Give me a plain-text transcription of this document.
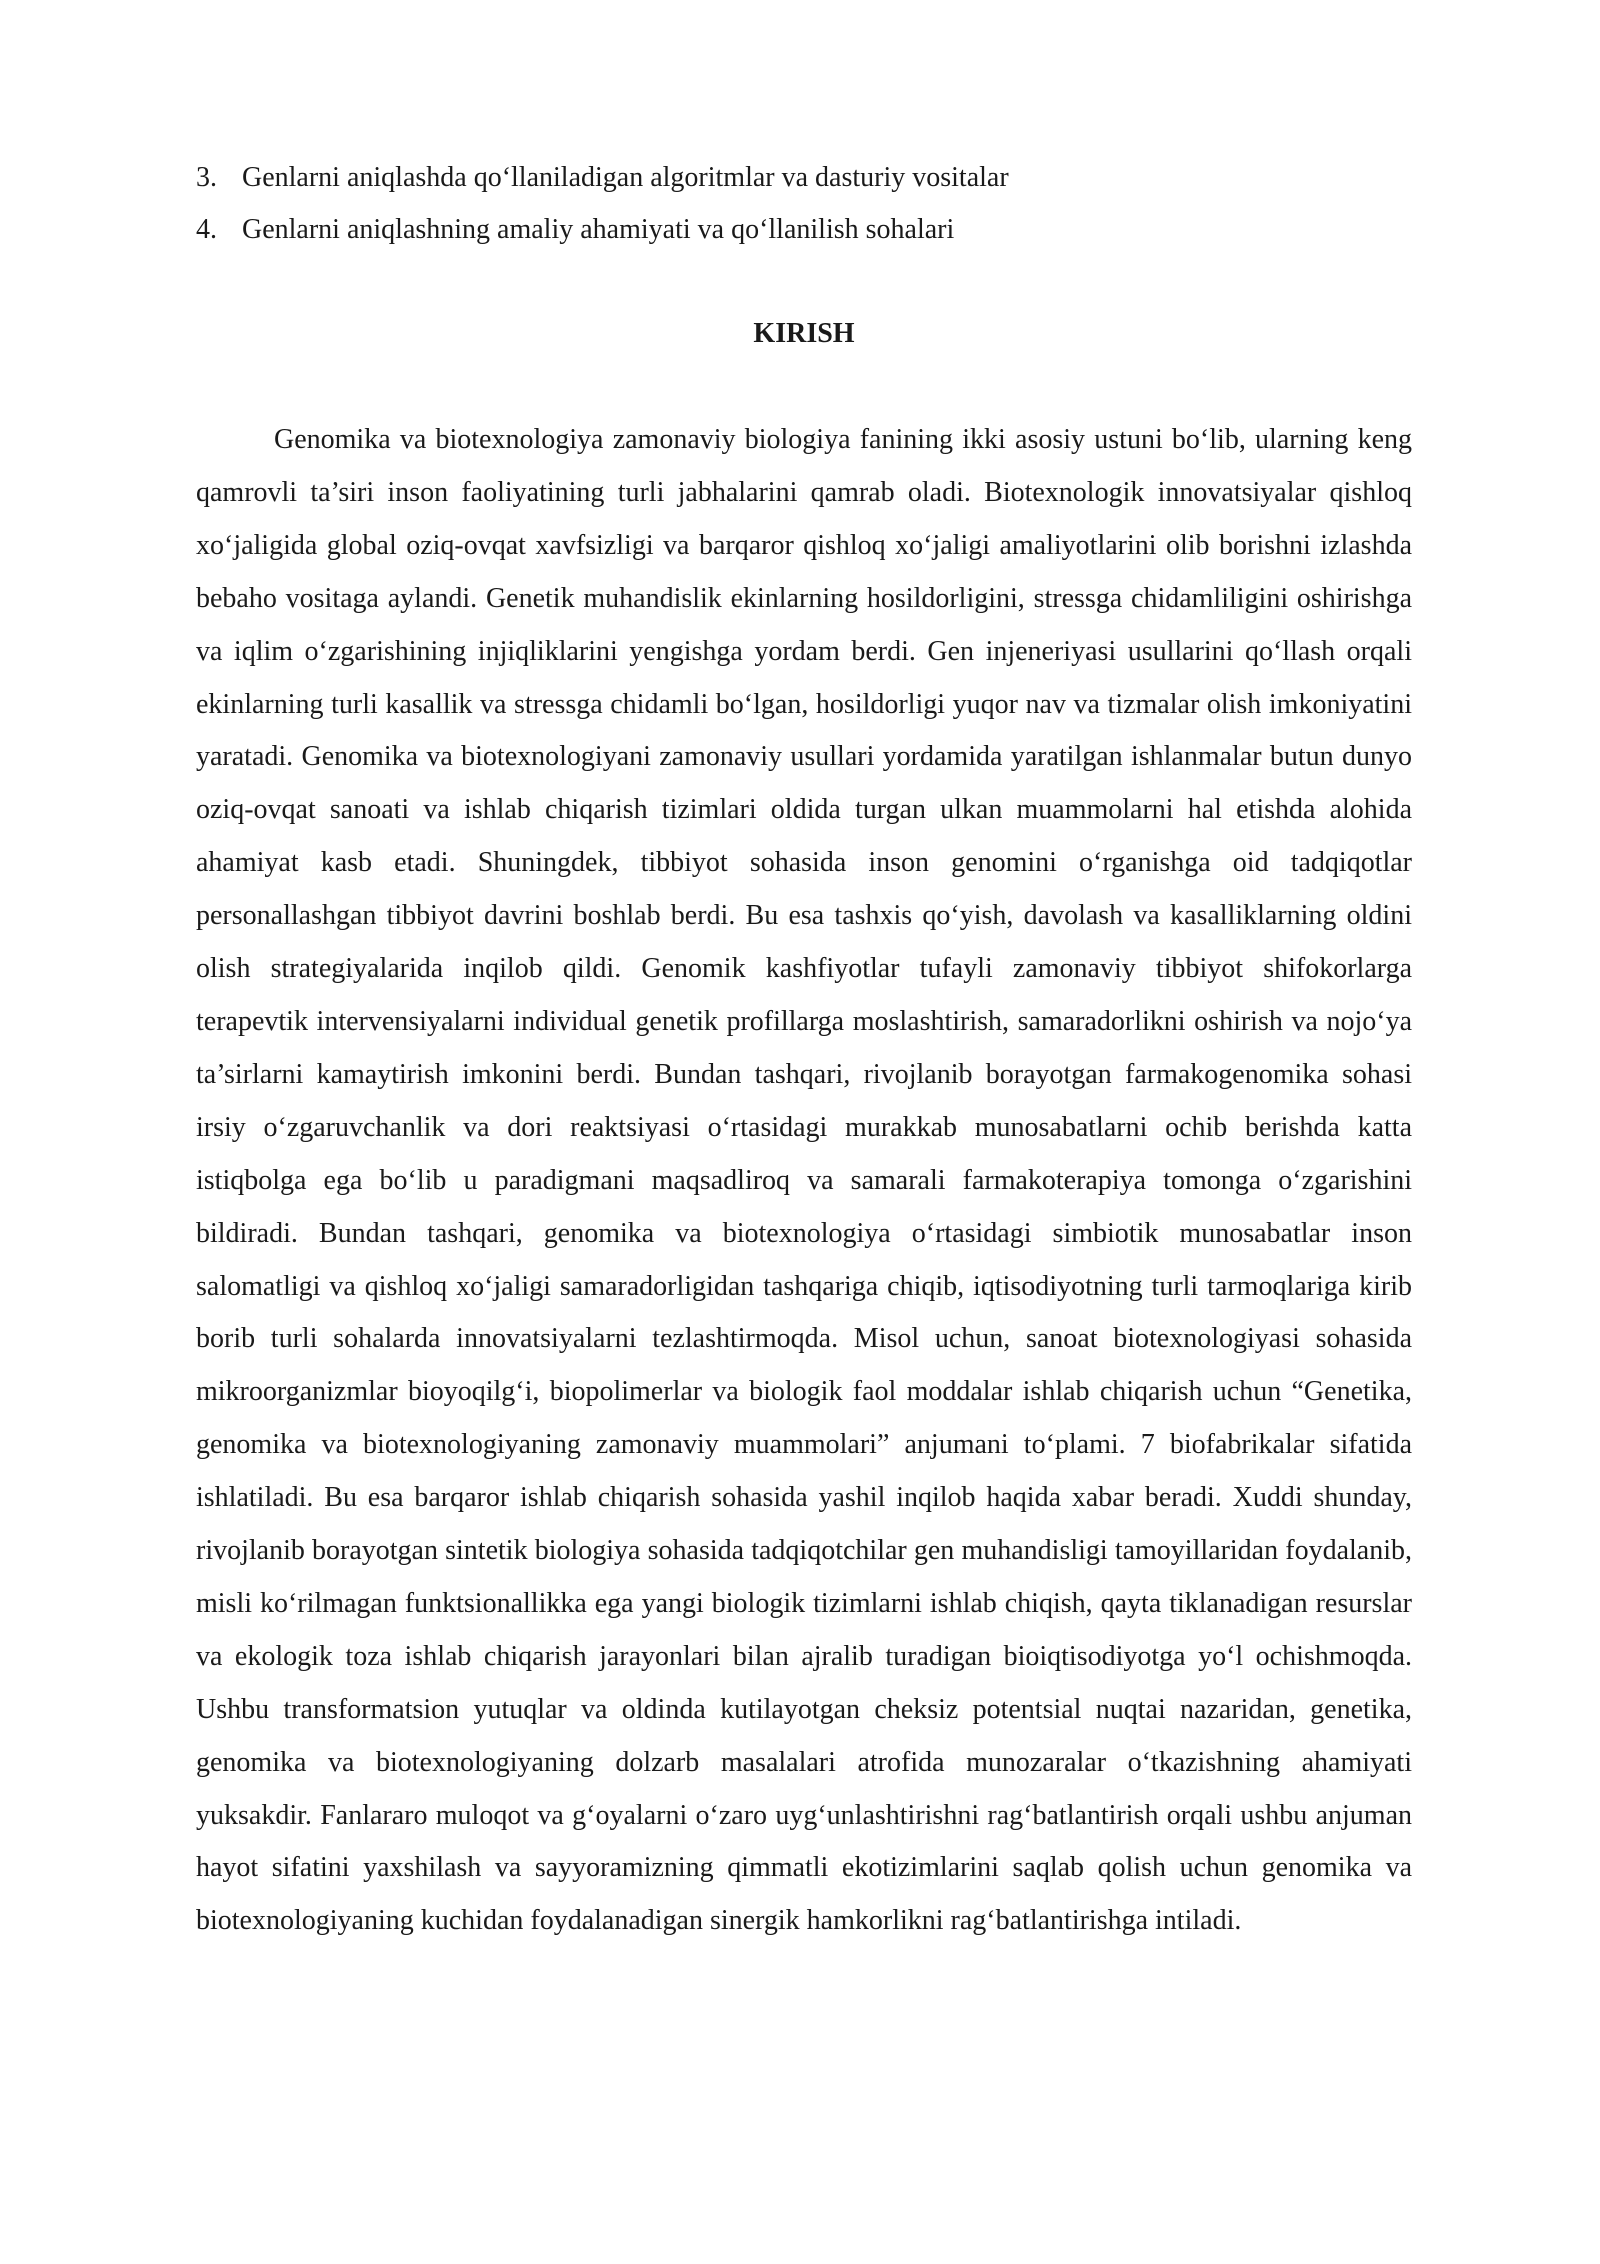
3. Genlarni aniqlashda qo‘llaniladigan algoritmlar va dasturiy vositalar
4. Genlarni aniqlashning amaliy ahamiyati va qo‘llanilish sohalari
KIRISH

Genomika va biotexnologiya zamonaviy biologiya fanining ikki asosiy ustuni bo‘lib, ularning keng qamrovli ta’siri inson faoliyatining turli jabhalarini qamrab oladi. Biotexnologik innovatsiyalar qishloq xo‘jaligida global oziq-ovqat xavfsizligi va barqaror qishloq xo‘jaligi amaliyotlarini olib borishni izlashda bebaho vositaga aylandi. Genetik muhandislik ekinlarning hosildorligini, stressga chidamliligini oshirishga va iqlim o‘zgarishining injiqliklarini yengishga yordam berdi. Gen injeneriyasi usullarini qo‘llash orqali ekinlarning turli kasallik va stressga chidamli bo‘lgan, hosildorligi yuqor nav va tizmalar olish imkoniyatini yaratadi. Genomika va biotexnologiyani zamonaviy usullari yordamida yaratilgan ishlanmalar butun dunyo oziq-ovqat sanoati va ishlab chiqarish tizimlari oldida turgan ulkan muammolarni hal etishda alohida ahamiyat kasb etadi. Shuningdek, tibbiyot sohasida inson genomini o‘rganishga oid tadqiqotlar personallashgan tibbiyot davrini boshlab berdi. Bu esa tashxis qo‘yish, davolash va kasalliklarning oldini olish strategiyalarida inqilob qildi. Genomik kashfiyotlar tufayli zamonaviy tibbiyot shifokorlarga terapevtik intervensiyalarni individual genetik profillarga moslashtirish, samaradorlikni oshirish va nojo‘ya ta’sirlarni kamaytirish imkonini berdi. Bundan tashqari, rivojlanib borayotgan farmakogenomika sohasi irsiy o‘zgaruvchanlik va dori reaktsiyasi o‘rtasidagi murakkab munosabatlarni ochib berishda katta istiqbolga ega bo‘lib u paradigmani maqsadliroq va samarali farmakoterapiya tomonga o‘zgarishini bildiradi. Bundan tashqari, genomika va biotexnologiya o‘rtasidagi simbiotik munosabatlar inson salomatligi va qishloq xo‘jaligi samaradorligidan tashqariga chiqib, iqtisodiyotning turli tarmoqlariga kirib borib turli sohalarda innovatsiyalarni tezlashtirmoqda. Misol uchun, sanoat biotexnologiyasi sohasida mikroorganizmlar bioyoqilg‘i, biopolimerlar va biologik faol moddalar ishlab chiqarish uchun “Genetika, genomika va biotexnologiyaning zamonaviy muammolari” anjumani to‘plami. 7 biofabrikalar sifatida ishlatiladi. Bu esa barqaror ishlab chiqarish sohasida yashil inqilob haqida xabar beradi. Xuddi shunday, rivojlanib borayotgan sintetik biologiya sohasida tadqiqotchilar gen muhandisligi tamoyillaridan foydalanib, misli ko‘rilmagan funktsionallikka ega yangi biologik tizimlarni ishlab chiqish, qayta tiklanadigan resurslar va ekologik toza ishlab chiqarish jarayonlari bilan ajralib turadigan bioiqtisodiyotga yo‘l ochishmoqda. Ushbu transformatsion yutuqlar va oldinda kutilayotgan cheksiz potentsial nuqtai nazaridan, genetika, genomika va biotexnologiyaning dolzarb masalalari atrofida munozaralar o‘tkazishning ahamiyati yuksakdir. Fanlararo muloqot va g‘oyalarni o‘zaro uyg‘unlashtirishni rag‘batlantirish orqali ushbu anjuman hayot sifatini yaxshilash va sayyoramizning qimmatli ekotizimlarini saqlab qolish uchun genomika va biotexnologiyaning kuchidan foydalanadigan sinergik hamkorlikni rag‘batlantirishga intiladi.
